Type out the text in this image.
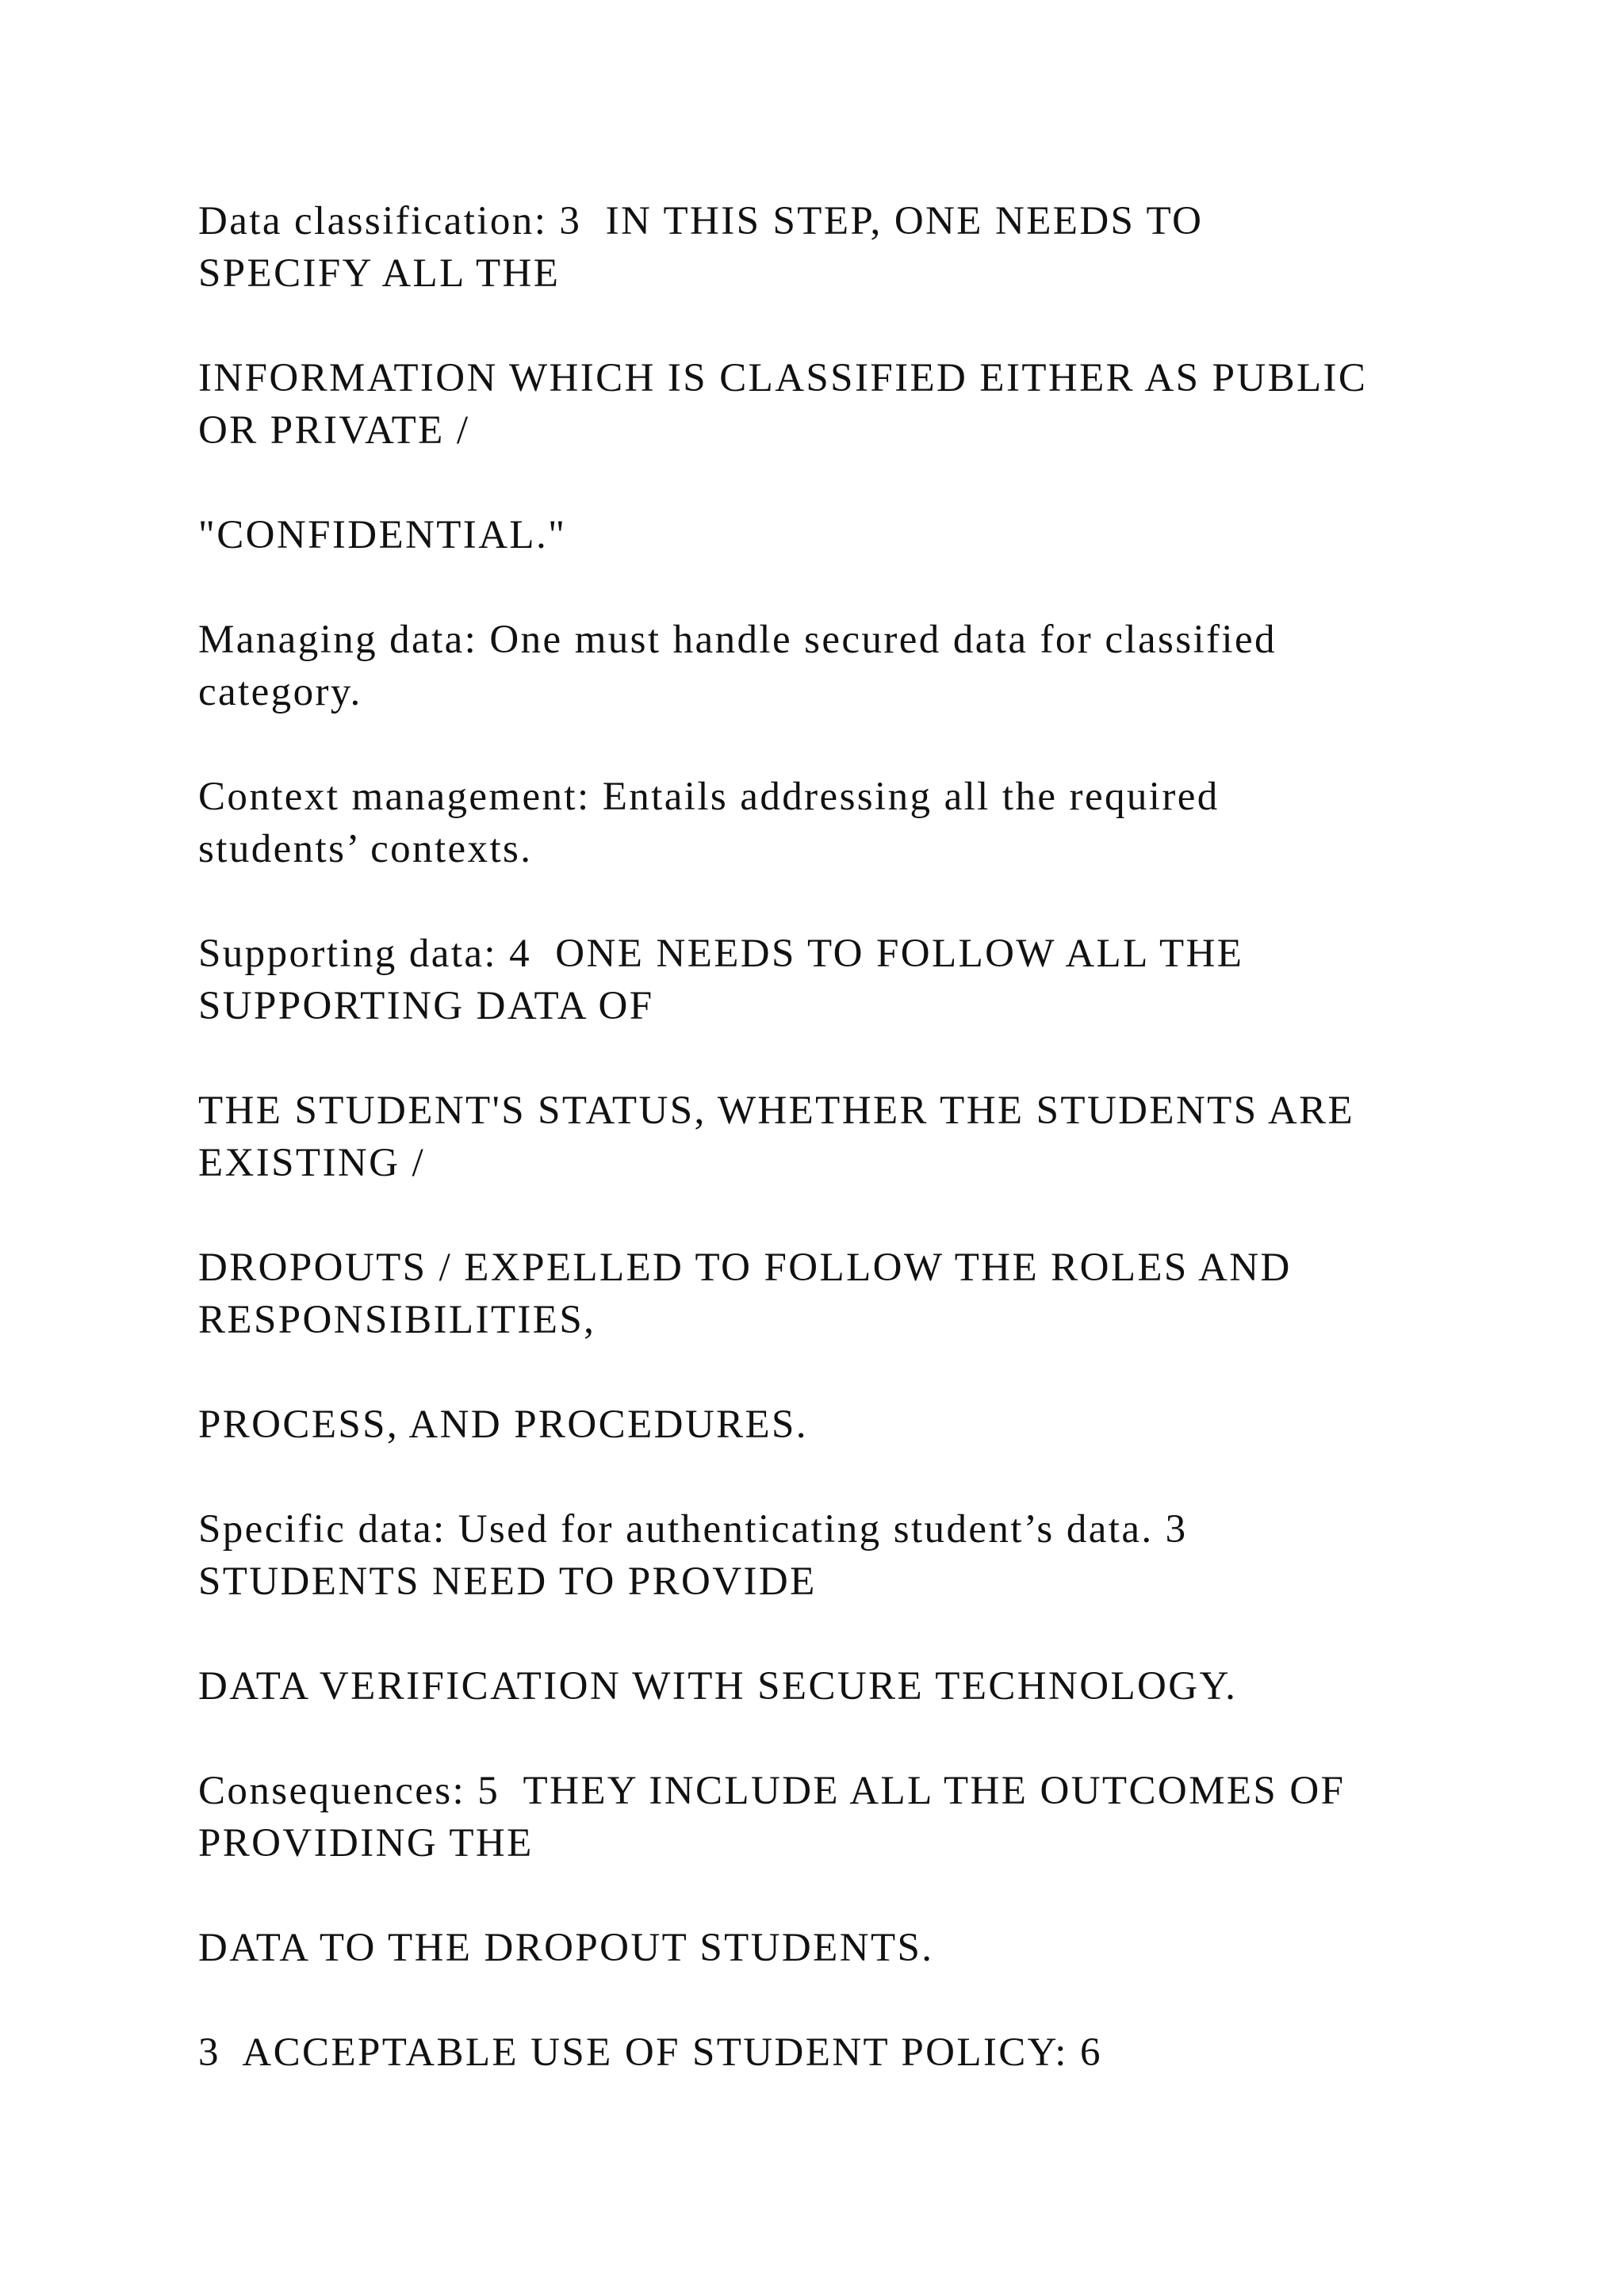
Data classification: 3  IN THIS STEP, ONE NEEDS TO
SPECIFY ALL THE

INFORMATION WHICH IS CLASSIFIED EITHER AS PUBLIC
OR PRIVATE /

"CONFIDENTIAL."

Managing data: One must handle secured data for classified
category.

Context management: Entails addressing all the required
students’ contexts.

Supporting data: 4  ONE NEEDS TO FOLLOW ALL THE
SUPPORTING DATA OF

THE STUDENT'S STATUS, WHETHER THE STUDENTS ARE
EXISTING /

DROPOUTS / EXPELLED TO FOLLOW THE ROLES AND
RESPONSIBILITIES,

PROCESS, AND PROCEDURES.

Specific data: Used for authenticating student’s data. 3
STUDENTS NEED TO PROVIDE

DATA VERIFICATION WITH SECURE TECHNOLOGY.

Consequences: 5  THEY INCLUDE ALL THE OUTCOMES OF
PROVIDING THE

DATA TO THE DROPOUT STUDENTS.

3  ACCEPTABLE USE OF STUDENT POLICY: 6
